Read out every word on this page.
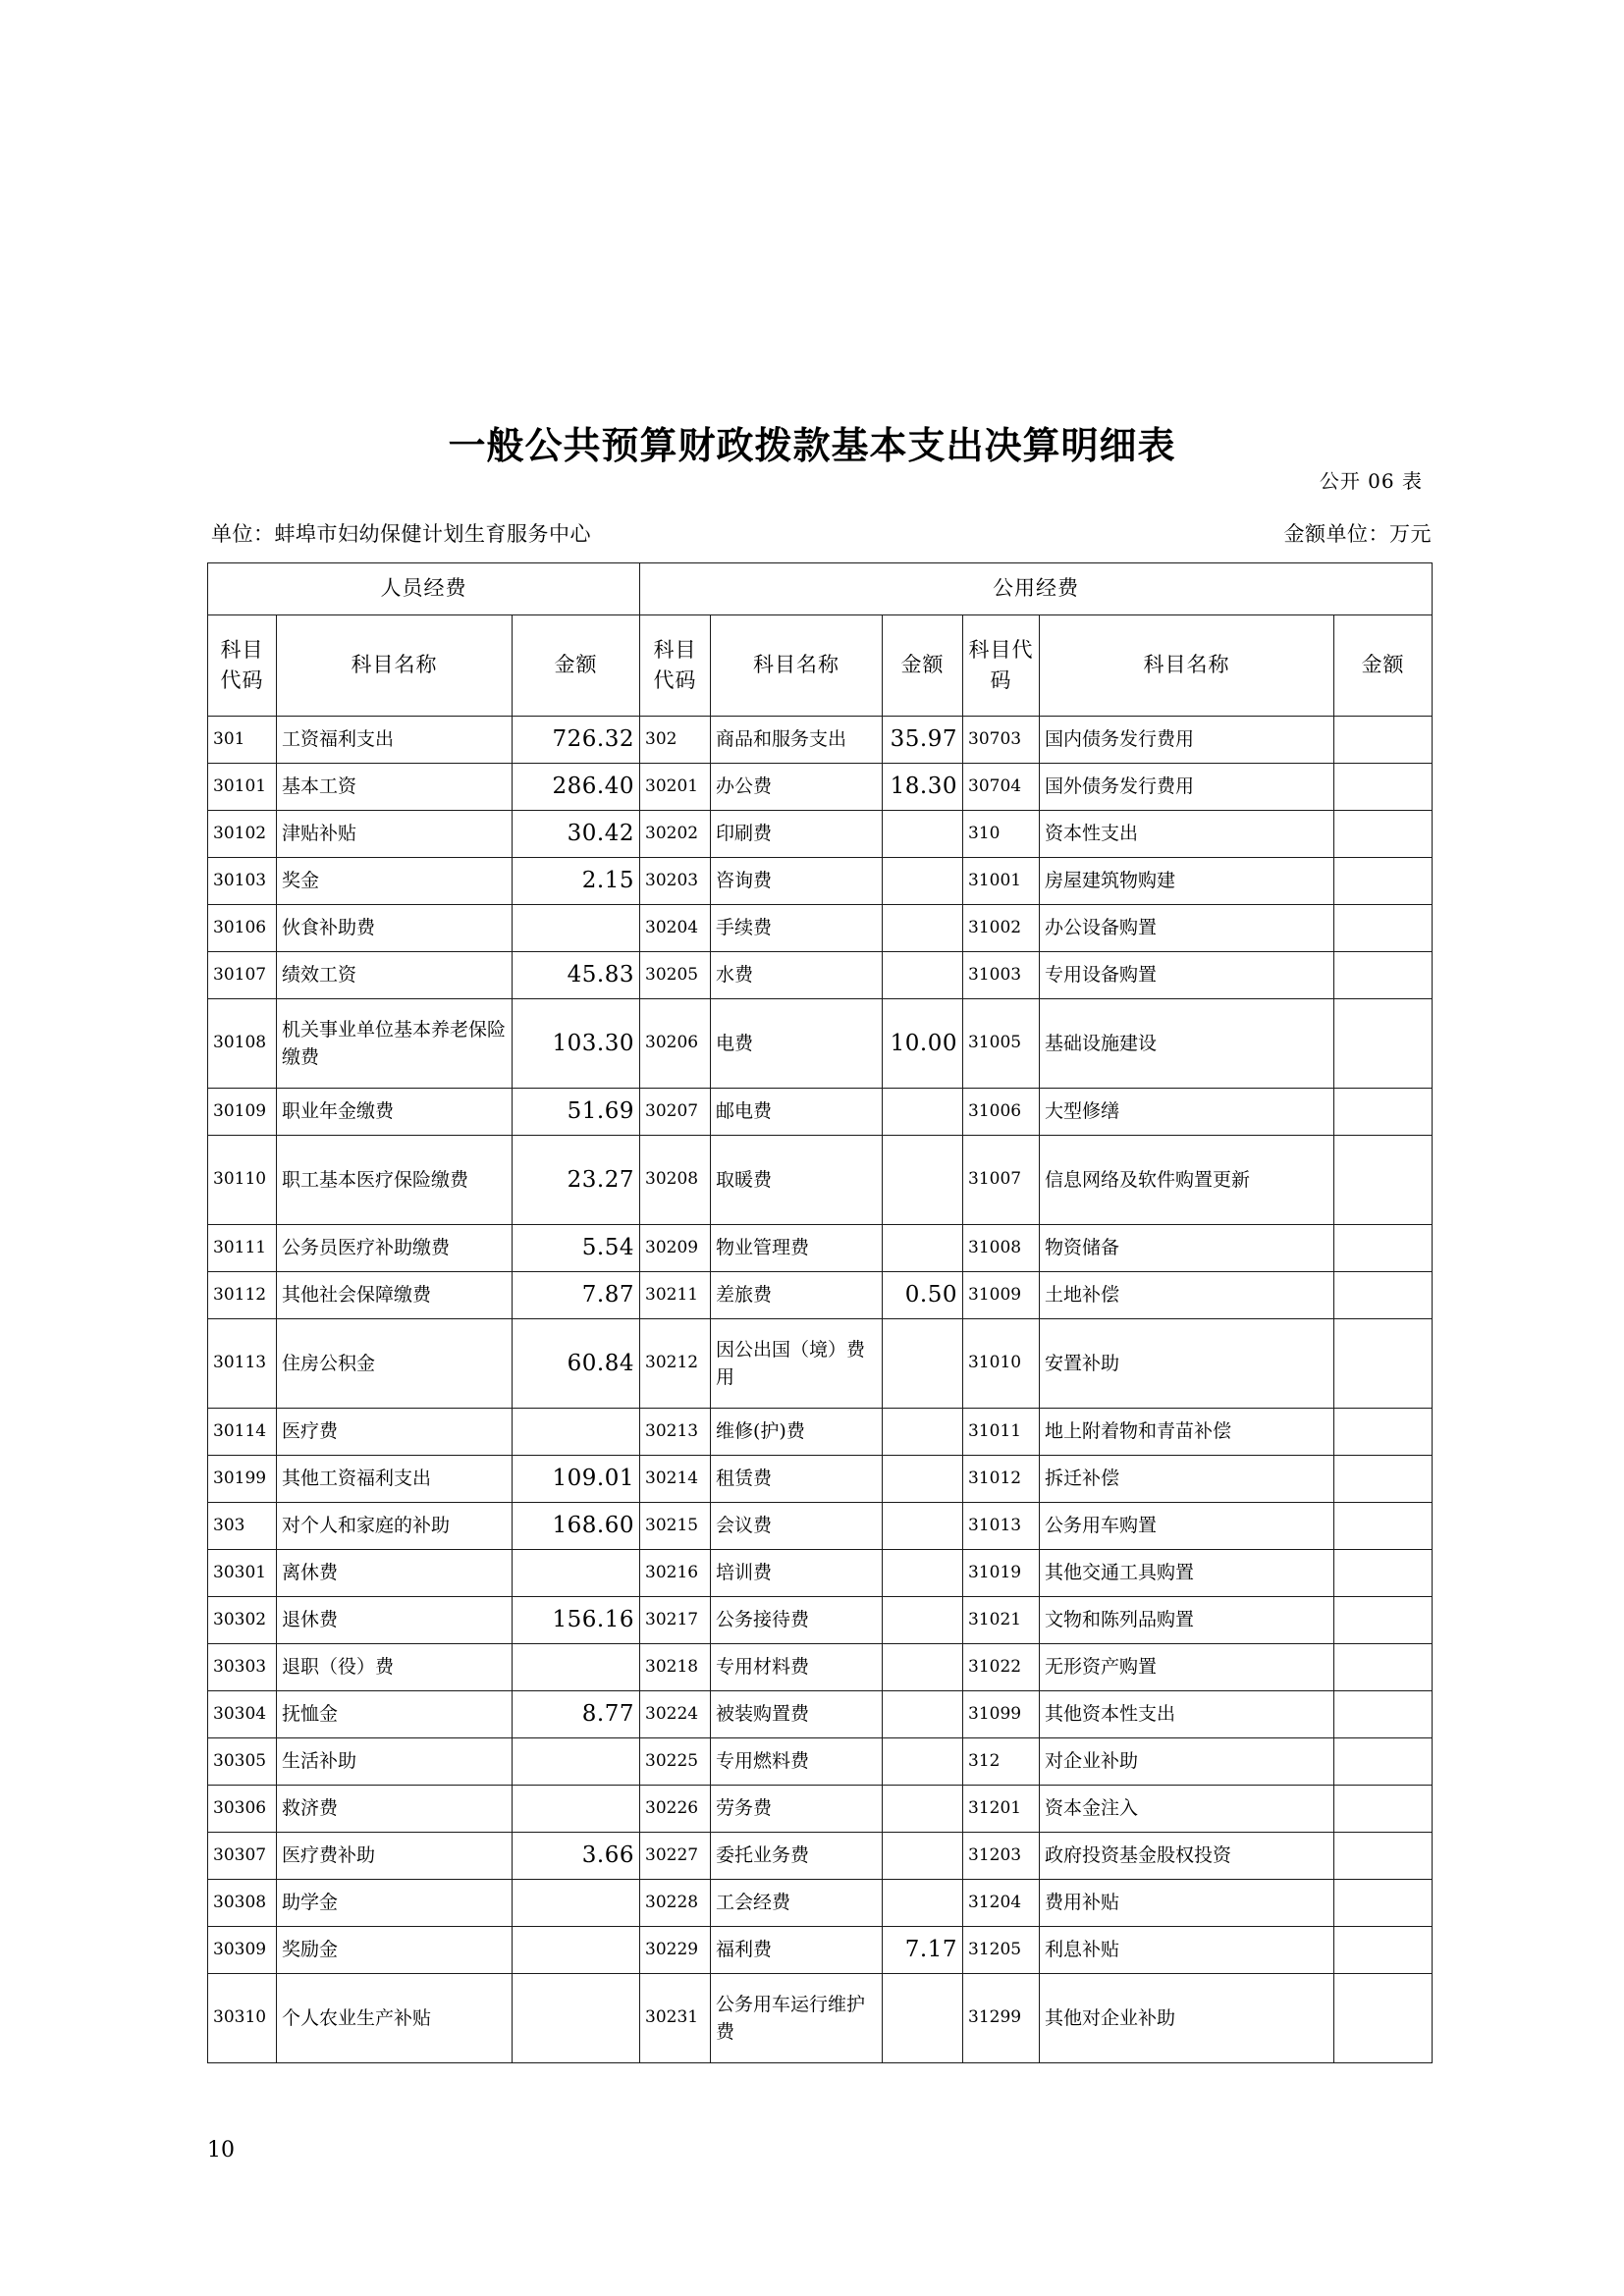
一般公共预算财政拨款基本支出决算明细表
公开 06 表
单位：蚌埠市妇幼保健计划生育服务中心	金额单位：万元
人员经费			公用经费					
科目代码	科目名称	金额	科目代码	科目名称	金额	科目代码	科目名称	金额
301	工资福利支出	726.32	302	商品和服务支出	35.97	30703	国内债务发行费用	
30101	基本工资	286.40	30201	办公费	18.30	30704	国外债务发行费用	
30102	津贴补贴	30.42	30202	印刷费		310	资本性支出	
30103	奖金	2.15	30203	咨询费		31001	房屋建筑物购建	
30106	伙食补助费		30204	手续费		31002	办公设备购置	
30107	绩效工资	45.83	30205	水费		31003	专用设备购置	
30108	机关事业单位基本养老保险缴费	103.30	30206	电费	10.00	31005	基础设施建设	
30109	职业年金缴费	51.69	30207	邮电费		31006	大型修缮	
30110	职工基本医疗保险缴费	23.27	30208	取暖费		31007	信息网络及软件购置更新	
30111	公务员医疗补助缴费	5.54	30209	物业管理费		31008	物资储备	
30112	其他社会保障缴费	7.87	30211	差旅费	0.50	31009	土地补偿	
30113	住房公积金	60.84	30212	因公出国（境）费用		31010	安置补助	
30114	医疗费		30213	维修(护)费		31011	地上附着物和青苗补偿	
30199	其他工资福利支出	109.01	30214	租赁费		31012	拆迁补偿	
303	对个人和家庭的补助	168.60	30215	会议费		31013	公务用车购置	
30301	离休费		30216	培训费		31019	其他交通工具购置	
30302	退休费	156.16	30217	公务接待费		31021	文物和陈列品购置	
30303	退职（役）费		30218	专用材料费		31022	无形资产购置	
30304	抚恤金	8.77	30224	被装购置费		31099	其他资本性支出	
30305	生活补助		30225	专用燃料费		312	对企业补助	
30306	救济费		30226	劳务费		31201	资本金注入	
30307	医疗费补助	3.66	30227	委托业务费		31203	政府投资基金股权投资	
30308	助学金		30228	工会经费		31204	费用补贴	
30309	奖励金		30229	福利费	7.17	31205	利息补贴	
30310	个人农业生产补贴		30231	公务用车运行维护费		31299	其他对企业补助	
10
